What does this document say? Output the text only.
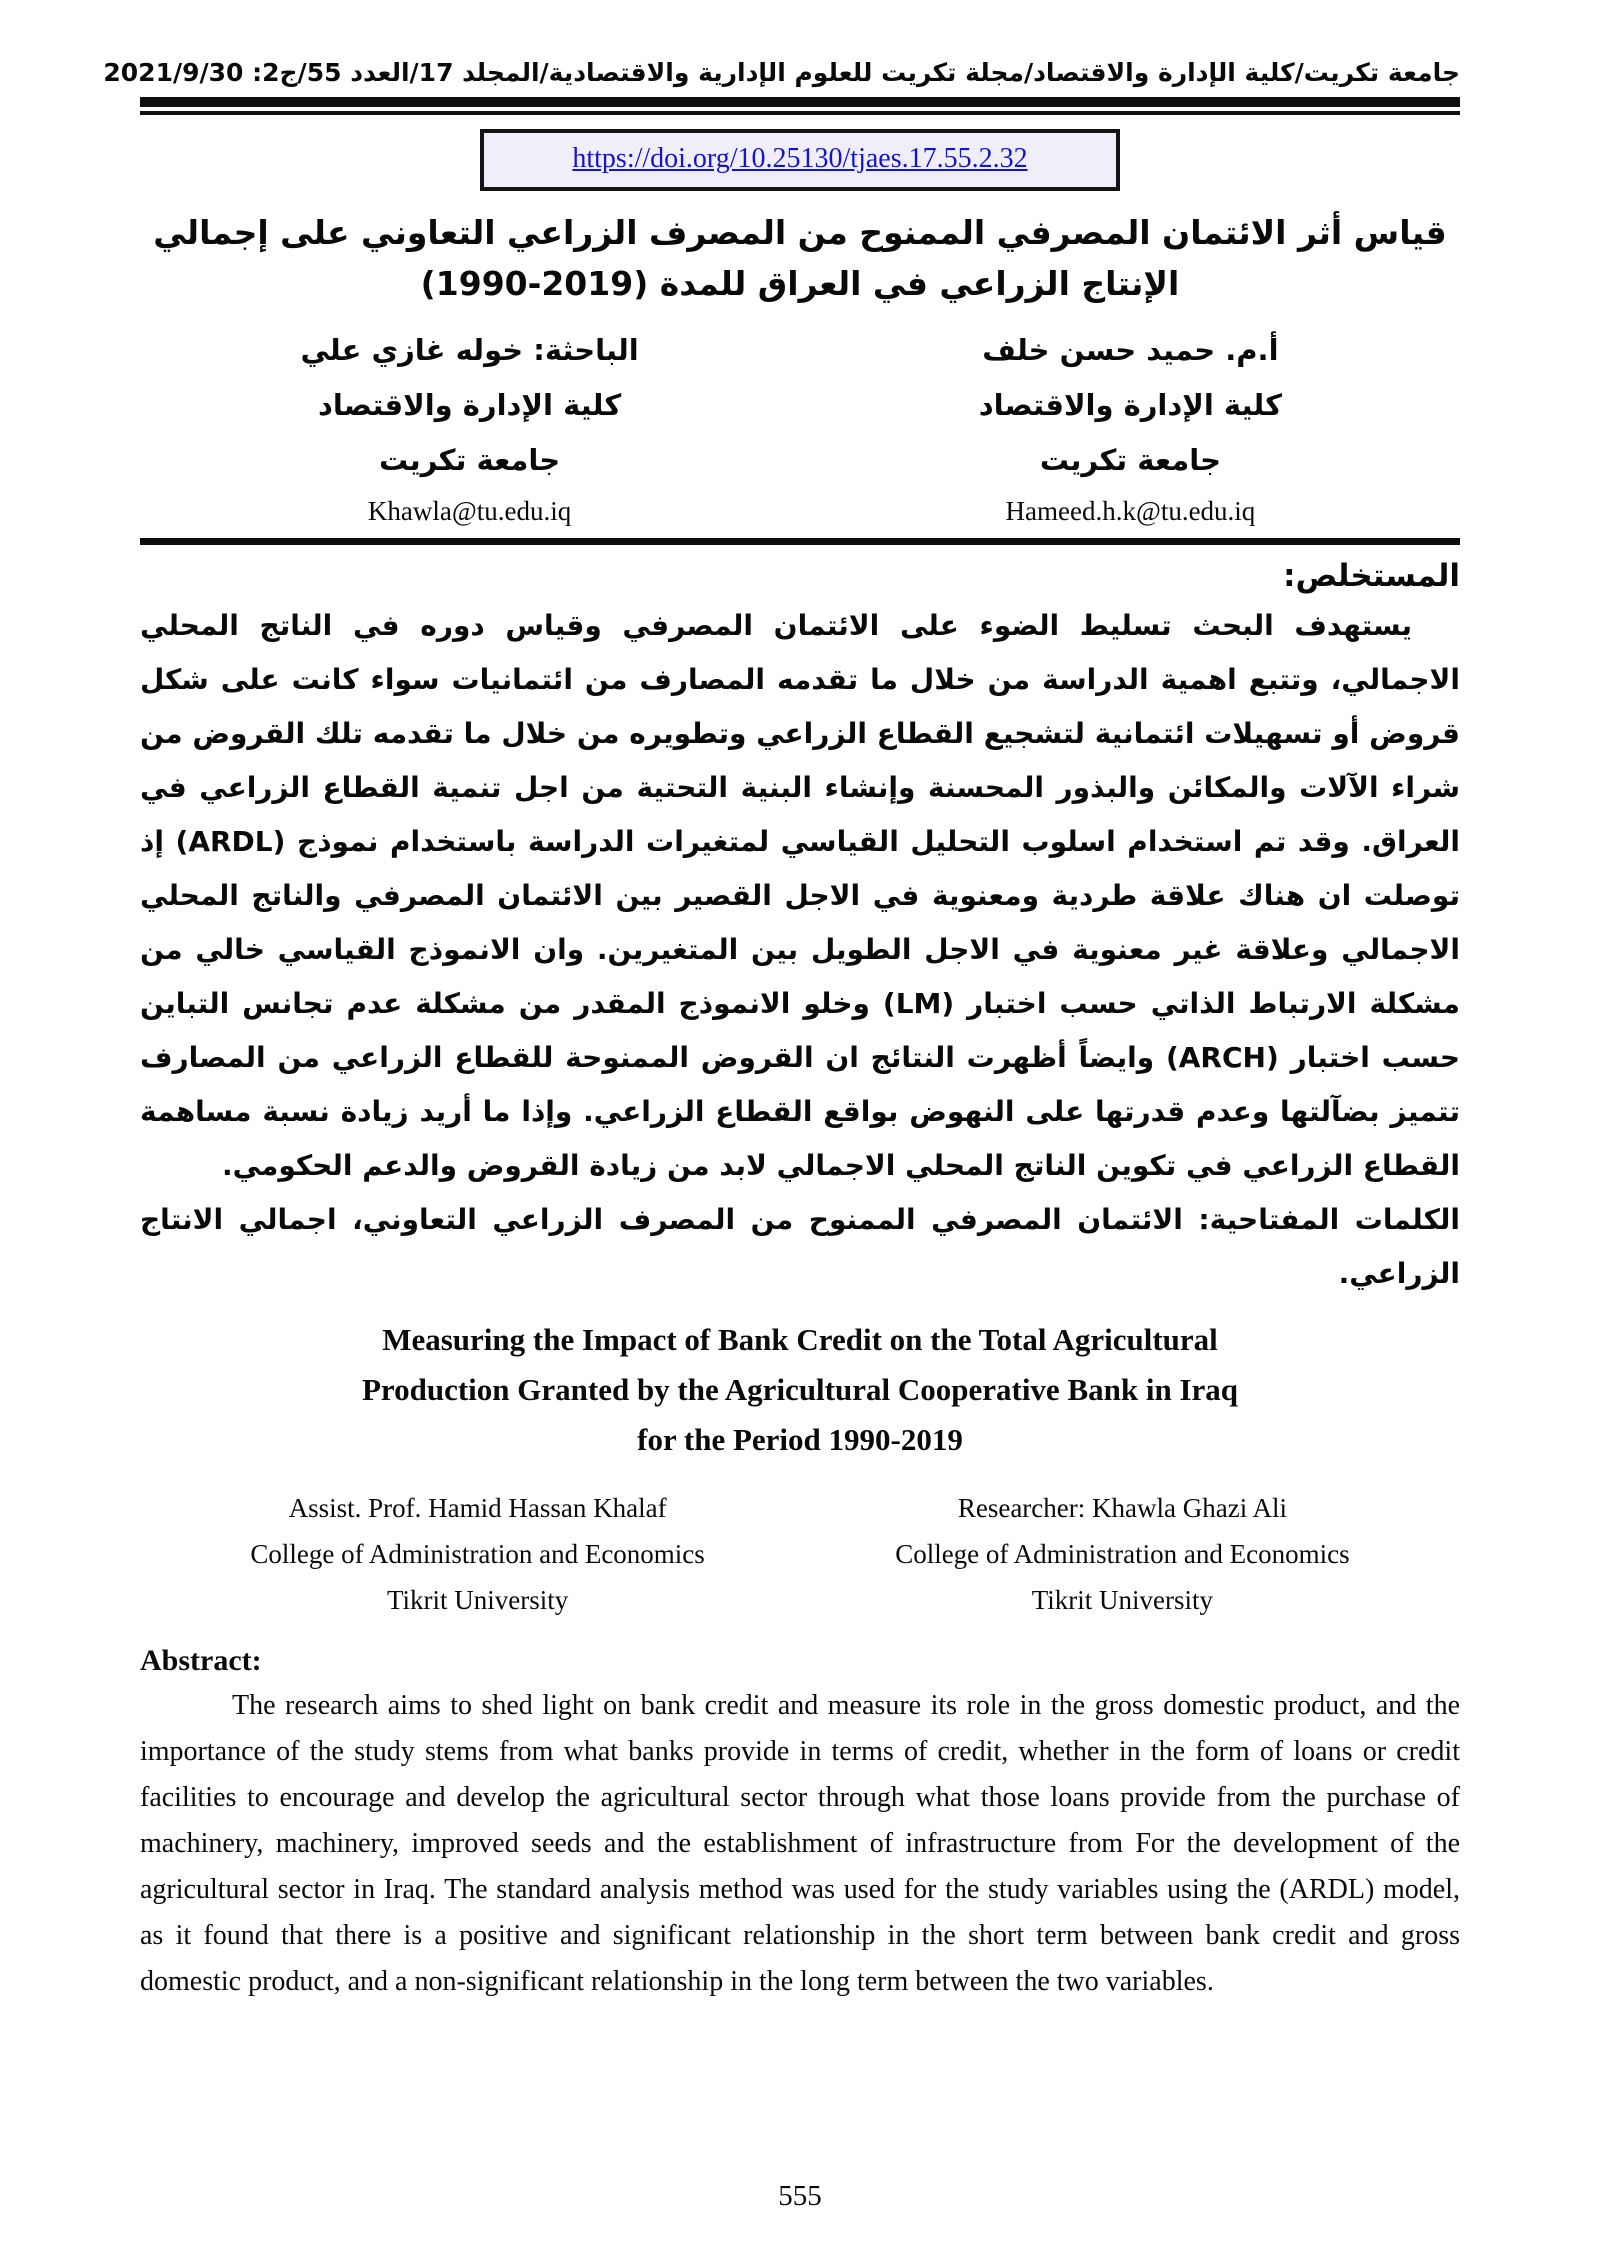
جامعة تكريت/كلية الإدارة والاقتصاد/مجلة تكريت للعلوم الإدارية والاقتصادية/المجلد 17/العدد 55/ج2: 2021/9/30
https://doi.org/10.25130/tjaes.17.55.2.32
قياس أثر الائتمان المصرفي الممنوح من المصرف الزراعي التعاوني على إجمالي
الإنتاج الزراعي في العراق للمدة (2019-1990)
أ.م. حميد حسن خلف
كلية الإدارة والاقتصاد
جامعة تكريت
Hameed.h.k@tu.edu.iq
الباحثة: خوله غازي علي
كلية الإدارة والاقتصاد
جامعة تكريت
Khawla@tu.edu.iq
المستخلص:

يستهدف البحث تسليط الضوء على الائتمان المصرفي وقياس دوره في الناتج المحلي الاجمالي، وتتبع اهمية الدراسة من خلال ما تقدمه المصارف من ائتمانيات سواء كانت على شكل قروض أو تسهيلات ائتمانية لتشجيع القطاع الزراعي وتطويره من خلال ما تقدمه تلك القروض من شراء الآلات والمكائن والبذور المحسنة وإنشاء البنية التحتية من اجل تنمية القطاع الزراعي في العراق. وقد تم استخدام اسلوب التحليل القياسي لمتغيرات الدراسة باستخدام نموذج (ARDL) إذ توصلت ان هناك علاقة طردية ومعنوية في الاجل القصير بين الائتمان المصرفي والناتج المحلي الاجمالي وعلاقة غير معنوية في الاجل الطويل بين المتغيرين. وان الانموذج القياسي خالي من مشكلة الارتباط الذاتي حسب اختبار (LM) وخلو الانموذج المقدر من مشكلة عدم تجانس التباين حسب اختبار (ARCH) وايضاً أظهرت النتائج ان القروض الممنوحة للقطاع الزراعي من المصارف تتميز بضآلتها وعدم قدرتها على النهوض بواقع القطاع الزراعي. وإذا ما أريد زيادة نسبة مساهمة القطاع الزراعي في تكوين الناتج المحلي الاجمالي لابد من زيادة القروض والدعم الحكومي.

الكلمات المفتاحية: الائتمان المصرفي الممنوح من المصرف الزراعي التعاوني، اجمالي الانتاج الزراعي.

Measuring the Impact of Bank Credit on the Total Agricultural
Production Granted by the Agricultural Cooperative Bank in Iraq
for the Period 1990-2019
Assist. Prof. Hamid Hassan Khalaf
College of Administration and Economics
Tikrit University
Researcher: Khawla Ghazi Ali
College of Administration and Economics
Tikrit University
Abstract:

The research aims to shed light on bank credit and measure its role in the gross domestic product, and the importance of the study stems from what banks provide in terms of credit, whether in the form of loans or credit facilities to encourage and develop the agricultural sector through what those loans provide from the purchase of machinery, machinery, improved seeds and the establishment of infrastructure from For the development of the agricultural sector in Iraq. The standard analysis method was used for the study variables using the (ARDL) model, as it found that there is a positive and significant relationship in the short term between bank credit and gross domestic product, and a non-significant relationship in the long term between the two variables.

555
